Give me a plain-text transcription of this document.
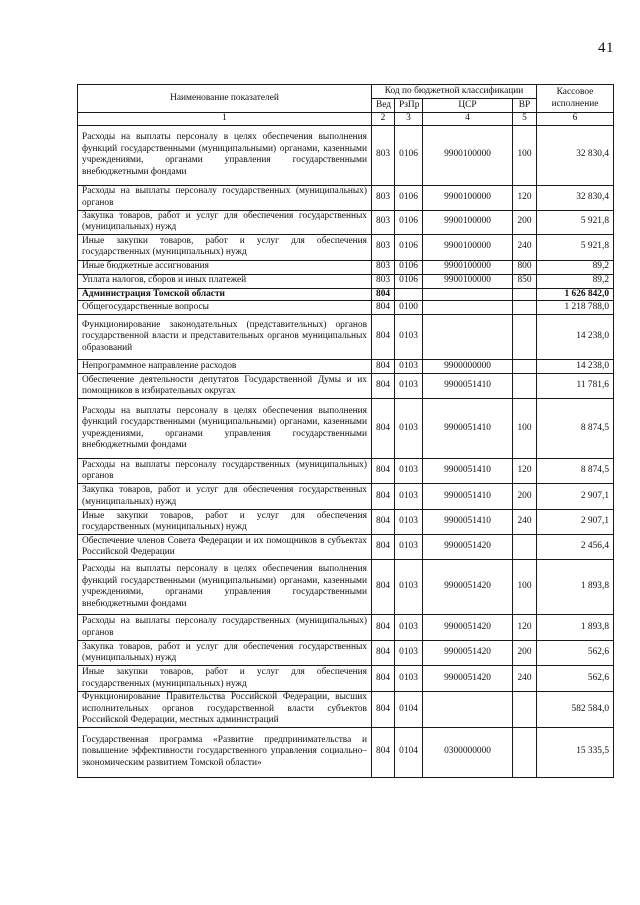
41
Наименование показателей	Код по бюджетной классификации				Кассовое
исполнение

	Вед	РзПр	ЦСР	ВР	
1	2	3	4	5	6
Расходы на выплаты персоналу в целях обеспечения выполнения функций государственными (муниципальными) органами, казенными учреждениями, органами управления государственными внебюджетными фондами	803	0106	9900100000	100	32 830,4
Расходы на выплаты персоналу государственных (муниципальных) органов	803	0106	9900100000	120	32 830,4
Закупка товаров, работ и услуг для обеспечения государственных (муниципальных) нужд	803	0106	9900100000	200	5 921,8
Иные закупки товаров, работ и услуг для обеспечения государственных (муниципальных) нужд	803	0106	9900100000	240	5 921,8
Иные бюджетные ассигнования	803	0106	9900100000	800	89,2
Уплата налогов, сборов и иных платежей	803	0106	9900100000	850	89,2
Администрация Томской области	804				1 626 842,0
Общегосударственные вопросы	804	0100			1 218 788,0
Функционирование законодательных (представительных) органов государственной власти и представительных органов муниципальных образований	804	0103			14 238,0
Непрограммное направление расходов	804	0103	9900000000		14 238,0
Обеспечение деятельности депутатов Государственной Думы и их помощников в избирательных округах	804	0103	9900051410		11 781,6
Расходы на выплаты персоналу в целях обеспечения выполнения функций государственными (муниципальными) органами, казенными учреждениями, органами управления государственными внебюджетными фондами	804	0103	9900051410	100	8 874,5
Расходы на выплаты персоналу государственных (муниципальных) органов	804	0103	9900051410	120	8 874,5
Закупка товаров, работ и услуг для обеспечения государственных (муниципальных) нужд	804	0103	9900051410	200	2 907,1
Иные закупки товаров, работ и услуг для обеспечения государственных (муниципальных) нужд	804	0103	9900051410	240	2 907,1
Обеспечение членов Совета Федерации и их помощников в субъектах Российской Федерации	804	0103	9900051420		2 456,4
Расходы на выплаты персоналу в целях обеспечения выполнения функций государственными (муниципальными) органами, казенными учреждениями, органами управления государственными внебюджетными фондами	804	0103	9900051420	100	1 893,8
Расходы на выплаты персоналу государственных (муниципальных) органов	804	0103	9900051420	120	1 893,8
Закупка товаров, работ и услуг для обеспечения государственных (муниципальных) нужд	804	0103	9900051420	200	562,6
Иные закупки товаров, работ и услуг для обеспечения государственных (муниципальных) нужд	804	0103	9900051420	240	562,6
Функционирование Правительства Российской Федерации, высших исполнительных органов государственной власти субъектов Российской Федерации, местных администраций	804	0104			582 584,0
Государственная программа «Развитие предпринимательства и повышение эффективности государственного управления социально–экономическим развитием Томской области»	804	0104	0300000000		15 335,5
